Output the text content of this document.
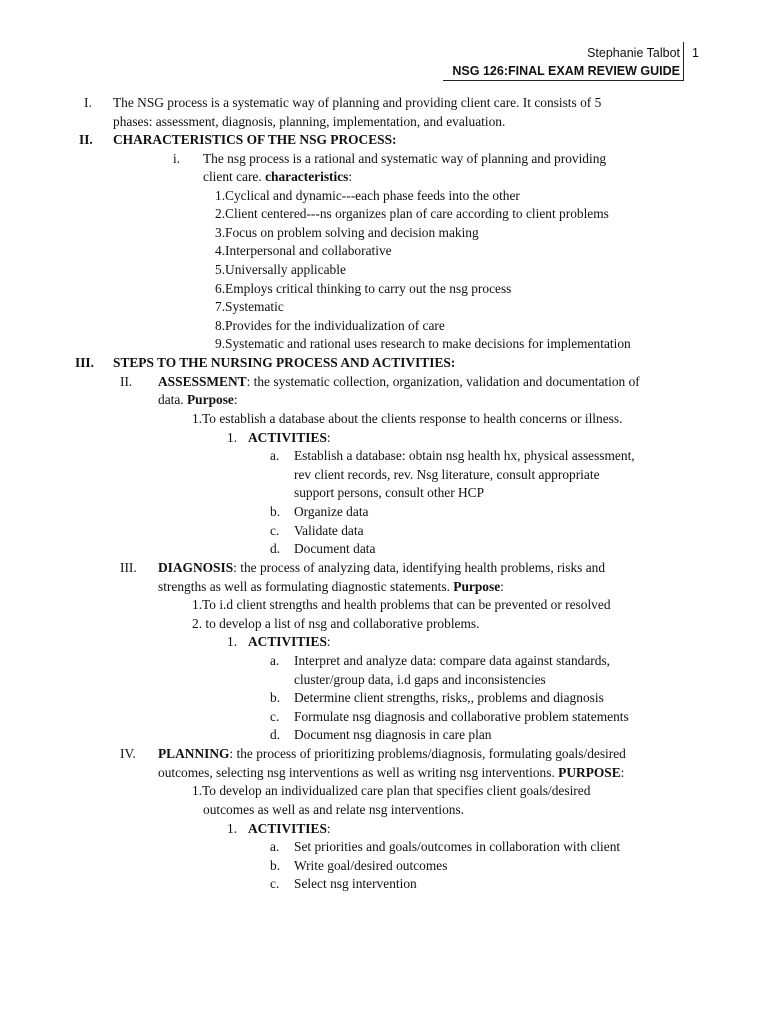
Stephanie Talbot 1
NSG 126:FINAL EXAM REVIEW GUIDE
I. The NSG process is a systematic way of planning and providing client care. It consists of 5
phases: assessment, diagnosis, planning, implementation, and evaluation.
II. CHARACTERISTICS OF THE NSG PROCESS:
i. The nsg process is a rational and systematic way of planning and providing
client care. characteristics:
1.Cyclical and dynamic---each phase feeds into the other
2.Client centered---ns organizes plan of care according to client problems
3.Focus on problem solving and decision making
4.Interpersonal and collaborative
5.Universally applicable
6.Employs critical thinking to carry out the nsg process
7.Systematic
8.Provides for the individualization of care
9.Systematic and rational uses research to make decisions for implementation
III. STEPS TO THE NURSING PROCESS AND ACTIVITIES:
II. ASSESSMENT: the systematic collection, organization, validation and documentation of
data. Purpose:
1.To establish a database about the clients response to health concerns or illness.
1. ACTIVITIES:
a. Establish a database: obtain nsg health hx, physical assessment,
rev client records, rev. Nsg literature, consult appropriate
support persons, consult other HCP
b. Organize data
c. Validate data
d. Document data
III. DIAGNOSIS: the process of analyzing data, identifying health problems, risks and
strengths as well as formulating diagnostic statements. Purpose:
1.To i.d client strengths and health problems that can be prevented or resolved
2. to develop a list of nsg and collaborative problems.
1. ACTIVITIES:
a. Interpret and analyze data: compare data against standards,
cluster/group data, i.d gaps and inconsistencies
b. Determine client strengths, risks,, problems and diagnosis
c. Formulate nsg diagnosis and collaborative problem statements
d. Document nsg diagnosis in care plan
IV. PLANNING: the process of prioritizing problems/diagnosis, formulating goals/desired
outcomes, selecting nsg interventions as well as writing nsg interventions. PURPOSE:
1.To develop an individualized care plan that specifies client goals/desired
outcomes as well as and relate nsg interventions.
1. ACTIVITIES:
a. Set priorities and goals/outcomes in collaboration with client
b. Write goal/desired outcomes
c. Select nsg intervention
